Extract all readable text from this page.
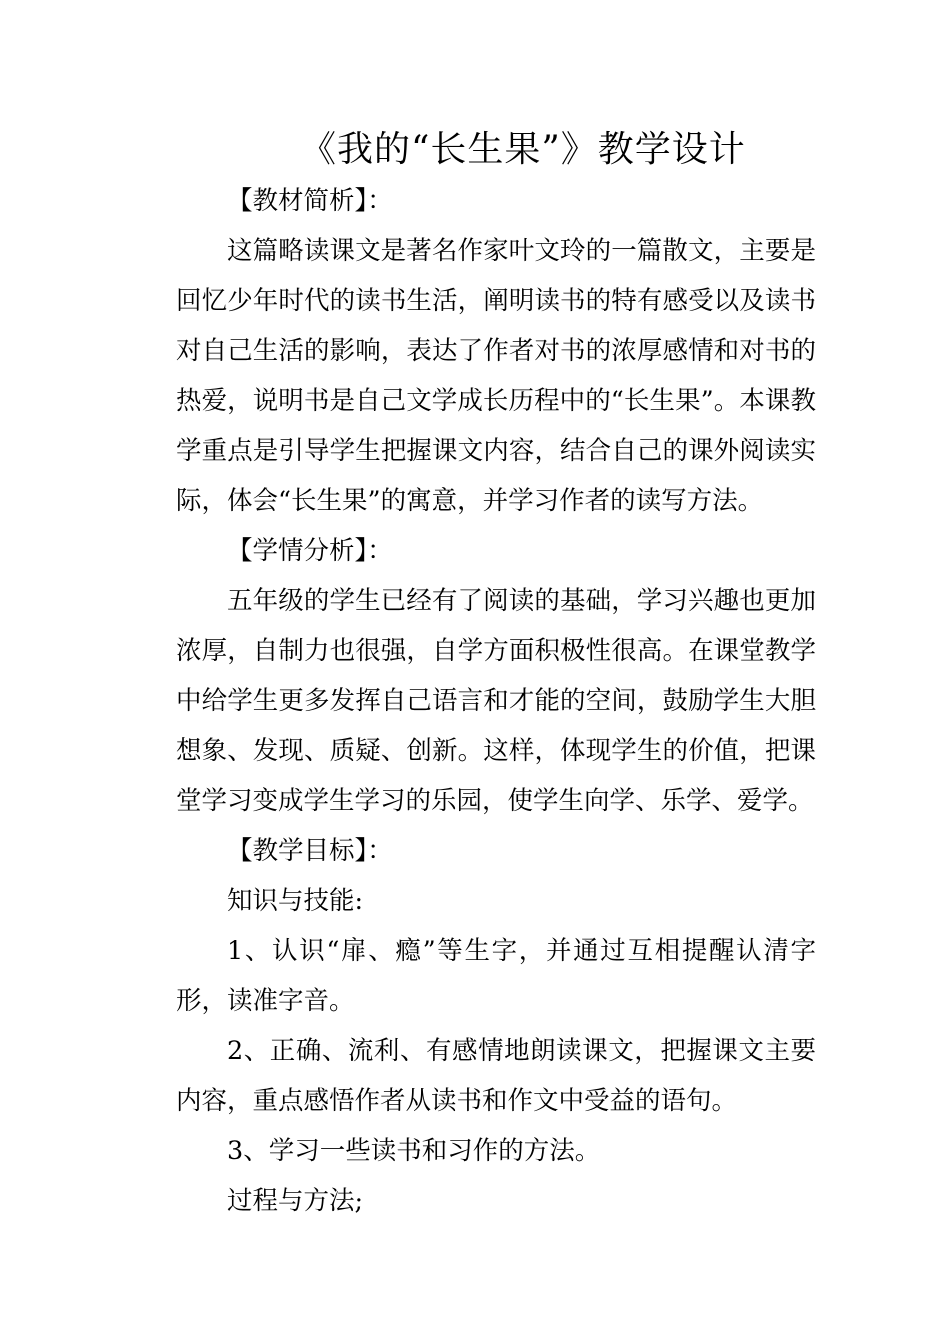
《我的“长生果”》教学设计

【教材简析】：

这篇略读课文是著名作家叶文玲的一篇散文，主要是回忆少年时代的读书生活，阐明读书的特有感受以及读书对自己生活的影响，表达了作者对书的浓厚感情和对书的热爱，说明书是自己文学成长历程中的“长生果”。本课教学重点是引导学生把握课文内容，结合自己的课外阅读实际，体会“长生果”的寓意，并学习作者的读写方法。

【学情分析】：

五年级的学生已经有了阅读的基础，学习兴趣也更加浓厚，自制力也很强，自学方面积极性很高。在课堂教学中给学生更多发挥自己语言和才能的空间，鼓励学生大胆想象、发现、质疑、创新。这样，体现学生的价值，把课堂学习变成学生学习的乐园，使学生向学、乐学、爱学。

【教学目标】：

知识与技能:

1、认识“扉、瘾”等生字，并通过互相提醒认清字形，读准字音。

2、正确、流利、有感情地朗读课文，把握课文主要内容，重点感悟作者从读书和作文中受益的语句。

3、学习一些读书和习作的方法。

过程与方法;
